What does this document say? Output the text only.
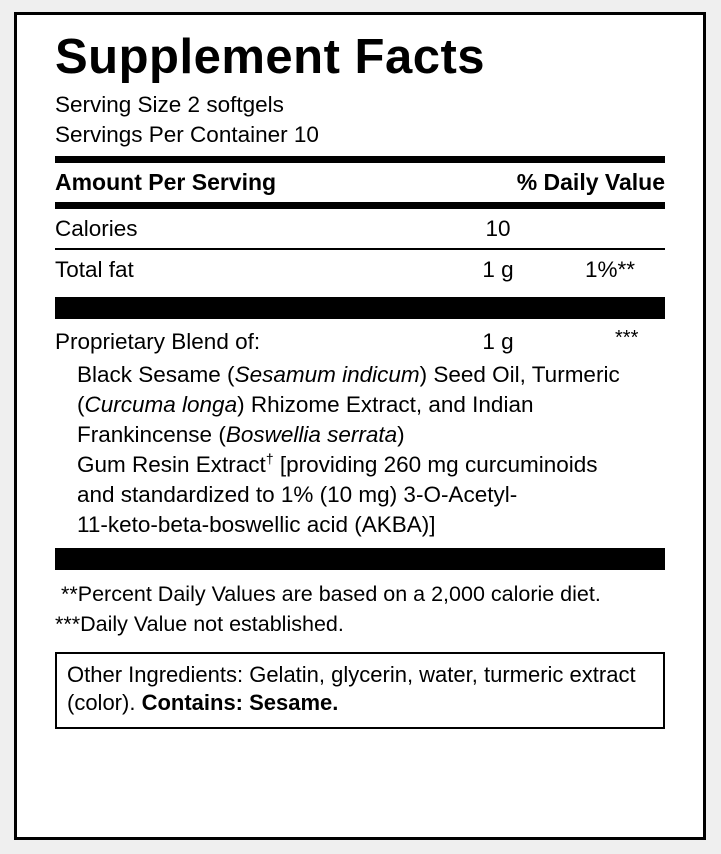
Supplement Facts
Serving Size 2 softgels
Servings Per Container 10
Amount Per Serving	% Daily Value
Calories	10
Total fat	1 g	1%**
Proprietary Blend of:	1 g	***
Black Sesame (Sesamum indicum) Seed Oil, Turmeric
(Curcuma longa) Rhizome Extract, and Indian
Frankincense (Boswellia serrata)
Gum Resin Extract† [providing 260 mg curcuminoids
and standardized to 1% (10 mg) 3-O-Acetyl-
11-keto-beta-boswellic acid (AKBA)]
**Percent Daily Values are based on a 2,000 calorie diet.
***Daily Value not established.
Other Ingredients: Gelatin, glycerin, water, turmeric extract (color). Contains: Sesame.
